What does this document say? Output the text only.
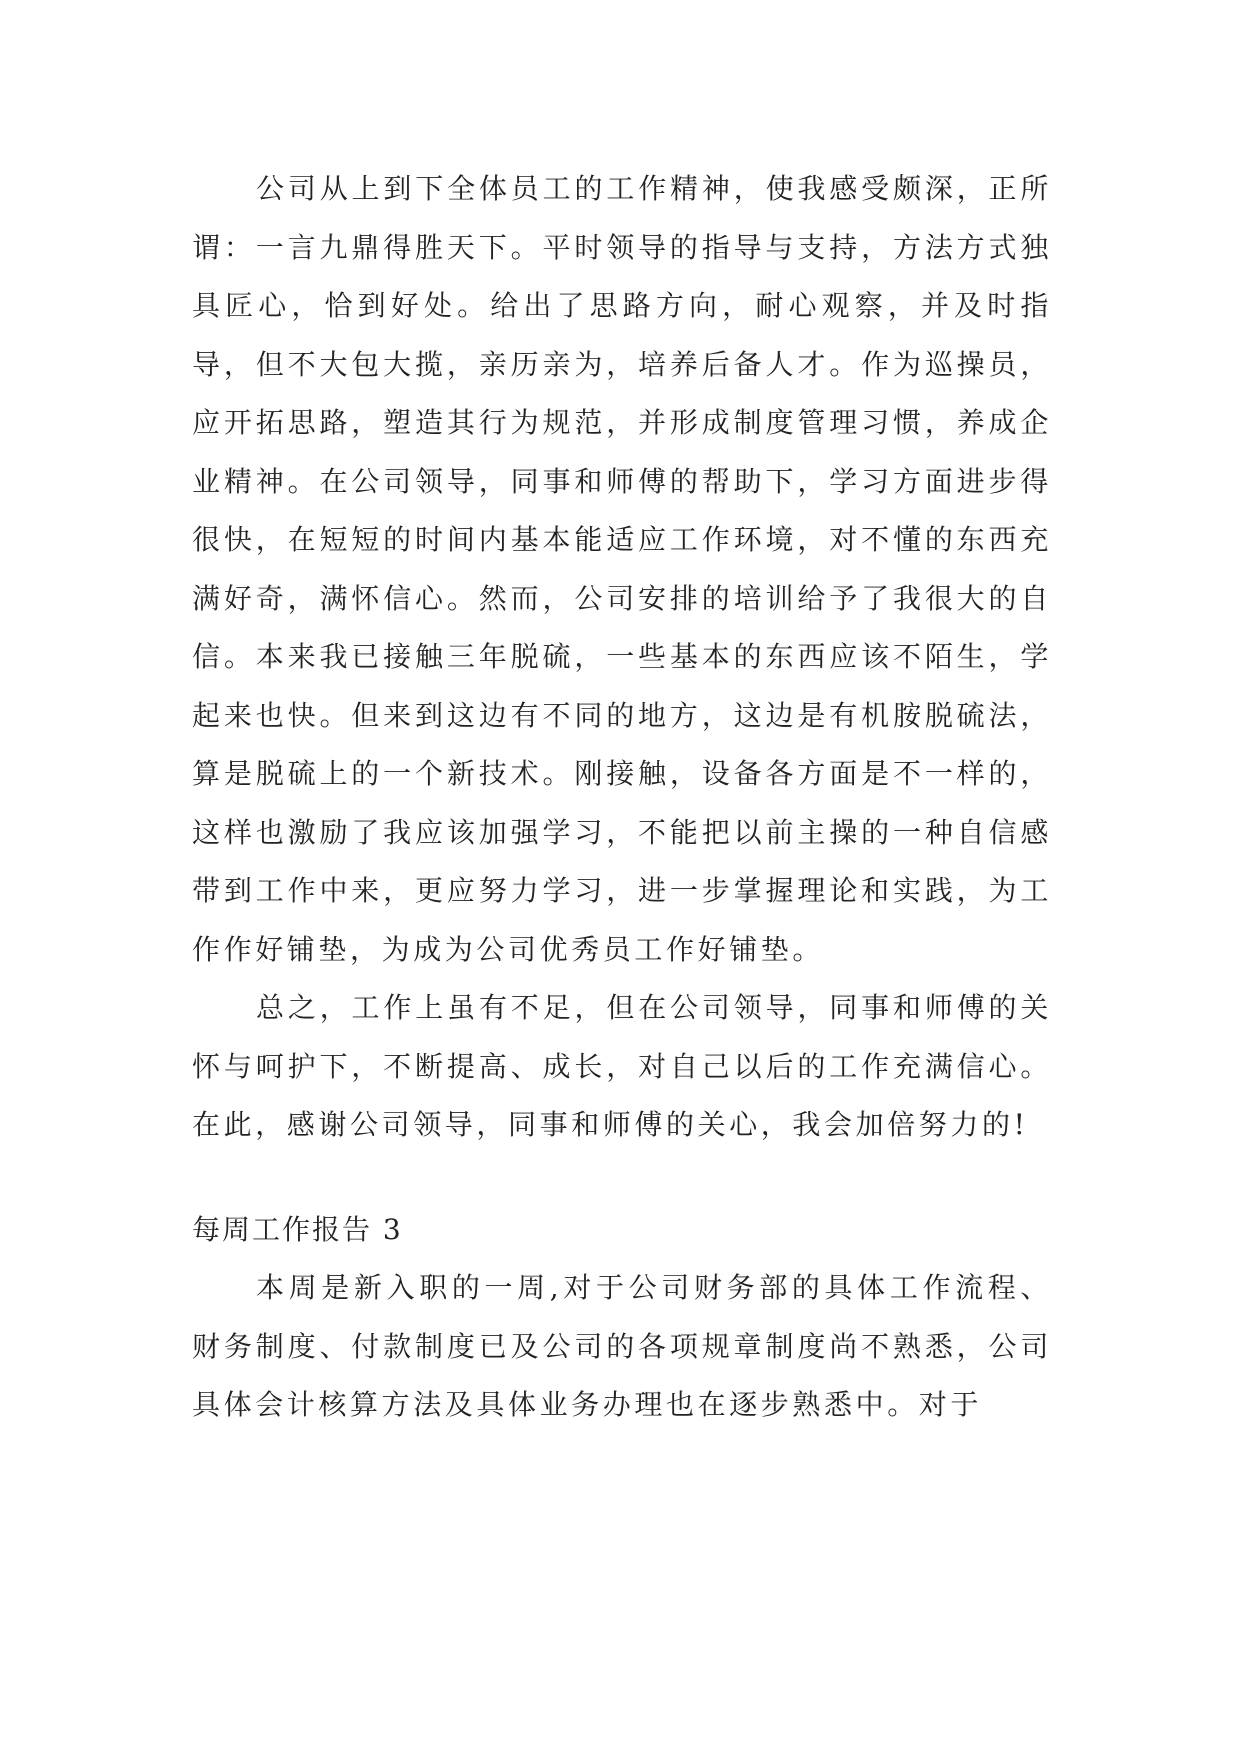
公司从上到下全体员工的工作精神，使我感受颇深，正所谓：一言九鼎得胜天下。平时领导的指导与支持，方法方式独具匠心，恰到好处。给出了思路方向，耐心观察，并及时指导，但不大包大揽，亲历亲为，培养后备人才。作为巡操员，应开拓思路，塑造其行为规范，并形成制度管理习惯，养成企业精神。在公司领导，同事和师傅的帮助下，学习方面进步得很快，在短短的时间内基本能适应工作环境，对不懂的东西充满好奇，满怀信心。然而，公司安排的培训给予了我很大的自信。本来我已接触三年脱硫，一些基本的东西应该不陌生，学起来也快。但来到这边有不同的地方，这边是有机胺脱硫法，算是脱硫上的一个新技术。刚接触，设备各方面是不一样的，这样也激励了我应该加强学习，不能把以前主操的一种自信感带到工作中来，更应努力学习，进一步掌握理论和实践，为工作作好铺垫，为成为公司优秀员工作好铺垫。

总之，工作上虽有不足，但在公司领导，同事和师傅的关怀与呵护下，不断提高、成长，对自己以后的工作充满信心。在此，感谢公司领导，同事和师傅的关心，我会加倍努力的!

每周工作报告 3

本周是新入职的一周,对于公司财务部的具体工作流程、财务制度、付款制度已及公司的各项规章制度尚不熟悉，公司具体会计核算方法及具体业务办理也在逐步熟悉中。对于
